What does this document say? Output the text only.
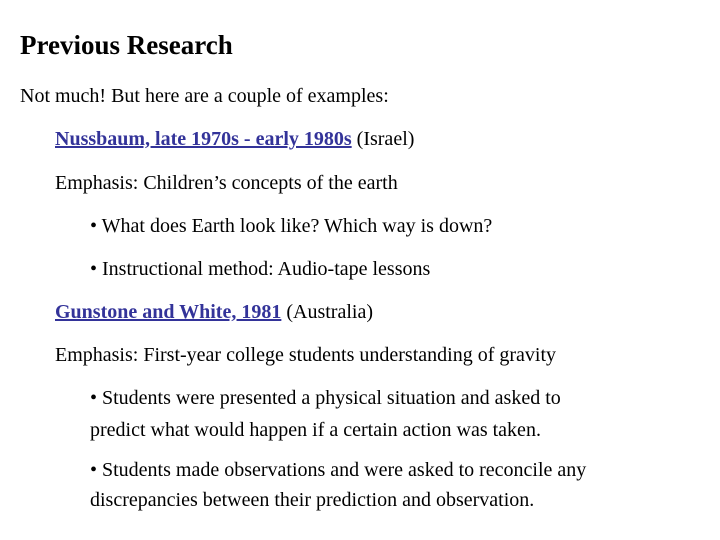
Previous Research
Not much! But here are a couple of examples:
Nussbaum, late 1970s - early 1980s (Israel)
Emphasis: Children’s concepts of the earth
• What does Earth look like? Which way is down?
• Instructional method: Audio-tape lessons
Gunstone and White, 1981 (Australia)
Emphasis: First-year college students understanding of gravity
• Students were presented a physical situation and asked to
predict what would happen if a certain action was taken.
• Students made observations and were asked to reconcile any
discrepancies between their prediction and observation.
